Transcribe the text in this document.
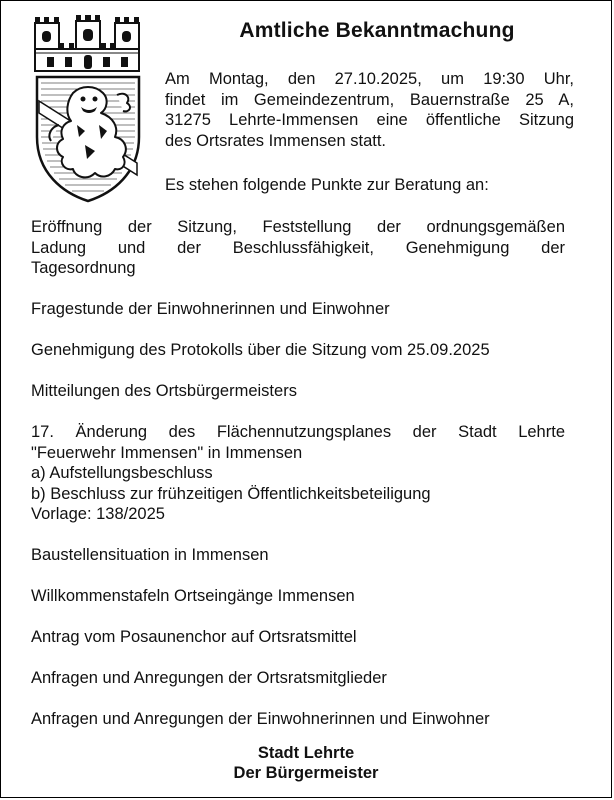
Amtliche Bekanntmachung
Am Montag, den 27.10.2025, um 19:30 Uhr,
findet im Gemeindezentrum, Bauernstraße 25 A,
31275 Lehrte-Immensen eine öffentliche Sitzung
des Ortsrates Immensen statt.
Es stehen folgende Punkte zur Beratung an:
Eröffnung der Sitzung, Feststellung der ordnungsgemäßen
Ladung und der Beschlussfähigkeit, Genehmigung der
Tagesordnung
Fragestunde der Einwohnerinnen und Einwohner
Genehmigung des Protokolls über die Sitzung vom 25.09.2025
Mitteilungen des Ortsbürgermeisters
17. Änderung des Flächennutzungsplanes der Stadt Lehrte
"Feuerwehr Immensen" in Immensen
a) Aufstellungsbeschluss
b) Beschluss zur frühzeitigen Öffentlichkeitsbeteiligung
Vorlage: 138/2025
Baustellensituation in Immensen
Willkommenstafeln Ortseingänge Immensen
Antrag vom Posaunenchor auf Ortsratsmittel
Anfragen und Anregungen der Ortsratsmitglieder
Anfragen und Anregungen der Einwohnerinnen und Einwohner
Stadt Lehrte
Der Bürgermeister
